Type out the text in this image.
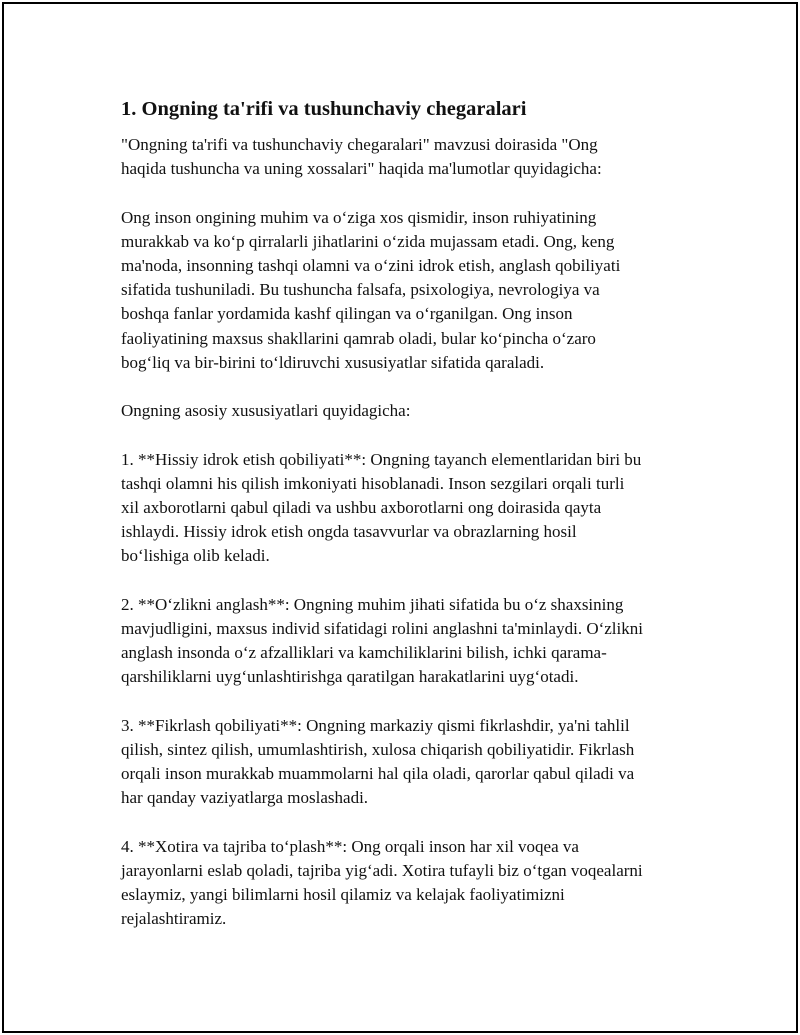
1. Ongning ta'rifi va tushunchaviy chegaralari

"Ongning ta'rifi va tushunchaviy chegaralari" mavzusi doirasida "Ong
haqida tushuncha va uning xossalari" haqida ma'lumotlar quyidagicha:

Ong inson ongining muhim va oʻziga xos qismidir, inson ruhiyatining
murakkab va koʻp qirralarli jihatlarini oʻzida mujassam etadi. Ong, keng
ma'noda, insonning tashqi olamni va oʻzini idrok etish, anglash qobiliyati
sifatida tushuniladi. Bu tushuncha falsafa, psixologiya, nevrologiya va
boshqa fanlar yordamida kashf qilingan va oʻrganilgan. Ong inson
faoliyatining maxsus shakllarini qamrab oladi, bular koʻpincha oʻzaro
bogʻliq va bir-birini toʻldiruvchi xususiyatlar sifatida qaraladi.

Ongning asosiy xususiyatlari quyidagicha:

1. **Hissiy idrok etish qobiliyati**: Ongning tayanch elementlaridan biri bu
tashqi olamni his qilish imkoniyati hisoblanadi. Inson sezgilari orqali turli
xil axborotlarni qabul qiladi va ushbu axborotlarni ong doirasida qayta
ishlaydi. Hissiy idrok etish ongda tasavvurlar va obrazlarning hosil
boʻlishiga olib keladi.

2. **Oʻzlikni anglash**: Ongning muhim jihati sifatida bu oʻz shaxsining
mavjudligini, maxsus individ sifatidagi rolini anglashni ta'minlaydi. Oʻzlikni
anglash insonda oʻz afzalliklari va kamchiliklarini bilish, ichki qarama-
qarshiliklarni uygʻunlashtirishga qaratilgan harakatlarini uygʻotadi.

3. **Fikrlash qobiliyati**: Ongning markaziy qismi fikrlashdir, ya'ni tahlil
qilish, sintez qilish, umumlashtirish, xulosa chiqarish qobiliyatidir. Fikrlash
orqali inson murakkab muammolarni hal qila oladi, qarorlar qabul qiladi va
har qanday vaziyatlarga moslashadi.

4. **Xotira va tajriba toʻplash**: Ong orqali inson har xil voqea va
jarayonlarni eslab qoladi, tajriba yigʻadi. Xotira tufayli biz oʻtgan voqealarni
eslaymiz, yangi bilimlarni hosil qilamiz va kelajak faoliyatimizni
rejalashtiramiz.
